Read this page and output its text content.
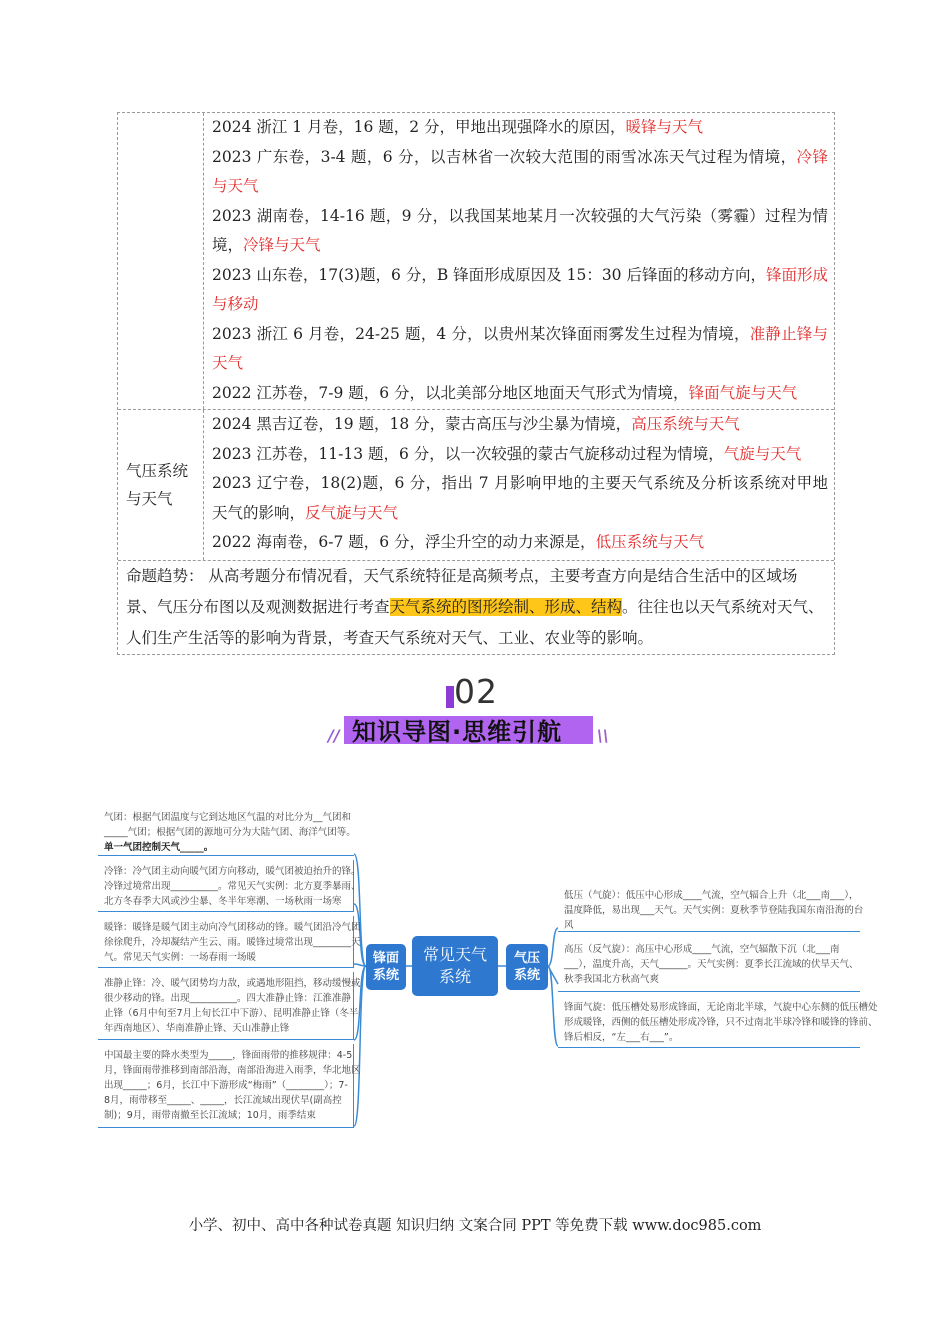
2024 浙江 1 月卷，16 题，2 分，甲地出现强降水的原因，暖锋与天气
2023 广东卷，3-4 题，6 分，以吉林省一次较大范围的雨雪冰冻天气过程为情境，冷锋与天气
2023 湖南卷，14-16 题，9 分，以我国某地某月一次较强的大气污染（雾霾）过程为情境，冷锋与天气
2023 山东卷，17(3)题，6 分，B 锋面形成原因及 15：30 后锋面的移动方向，锋面形成与移动
2023 浙江 6 月卷，24-25 题，4 分，以贵州某次锋面雨雾发生过程为情境，准静止锋与天气
2022 江苏卷，7-9 题，6 分，以北美部分地区地面天气形式为情境，锋面气旋与天气
气压系统与天气
2024 黑吉辽卷，19 题，18 分，蒙古高压与沙尘暴为情境，高压系统与天气
2023 江苏卷，11-13 题，6 分，以一次较强的蒙古气旋移动过程为情境，气旋与天气
2023 辽宁卷，18(2)题，6 分，指出 7 月影响甲地的主要天气系统及分析该系统对甲地天气的影响，反气旋与天气
2022 海南卷，6-7 题，6 分，浮尘升空的动力来源是，低压系统与天气
命题趋势： 从高考题分布情况看，天气系统特征是高频考点，主要考查方向是结合生活中的区域场景、气压分布图以及观测数据进行考查天气系统的图形绘制、形成、结构。往往也以天气系统对天气、人们生产生活等的影响为背景，考查天气系统对天气、工业、农业等的影响。
02
知识导图·思维引航
//	\\
锋面系统
常见天气系统
气压系统
气团：根据气团温度与它到达地区气温的对比分为__气团和
_____气团；根据气团的源地可分为大陆气团、海洋气团等。
单一气团控制天气_____。
冷锋：冷气团主动向暖气团方向移动，暖气团被迫抬升的锋。
冷锋过境常出现__________。常见天气实例：北方夏季暴雨、
北方冬春季大风或沙尘暴、冬半年寒潮、一场秋雨一场寒
暖锋：暖锋是暖气团主动向冷气团移动的锋。暖气团沿冷气团
徐徐爬升，冷却凝结产生云、雨。暖锋过境常出现________天
气。常见天气实例：一场春雨一场暖
准静止锋：冷、暖气团势均力敌，或遇地形阻挡，移动缓慢或
很少移动的锋。出现__________。四大准静止锋：江淮准静
止锋（6月中旬至7月上旬长江中下游）、昆明准静止锋（冬半
年西南地区）、华南准静止锋、天山准静止锋
中国最主要的降水类型为_____，锋面雨带的推移规律：4-5
月，锋面雨带推移到南部沿海，南部沿海进入雨季，华北地区
出现_____；6月，长江中下游形成“梅雨”（________）；7-
8月，雨带移至_____、_____，长江流域出现伏旱(副高控
制)；9月，雨带南撤至长江流域；10月，雨季结束
低压（气旋）：低压中心形成____气流，空气辐合上升（北___南___），
温度降低，易出现___天气。天气实例：夏秋季节登陆我国东南沿海的台
风
高压（反气旋）：高压中心形成____气流，空气辐散下沉（北___南
___），温度升高，天气______。天气实例：夏季长江流域的伏旱天气、
秋季我国北方秋高气爽
锋面气旋：低压槽处易形成锋面，无论南北半球，气旋中心东侧的低压槽处
形成暖锋，西侧的低压槽处形成冷锋，只不过南北半球冷锋和暖锋的锋前、
锋后相反，“左___右___”。
小学、初中、高中各种试卷真题 知识归纳 文案合同 PPT 等免费下载 www.doc985.com
